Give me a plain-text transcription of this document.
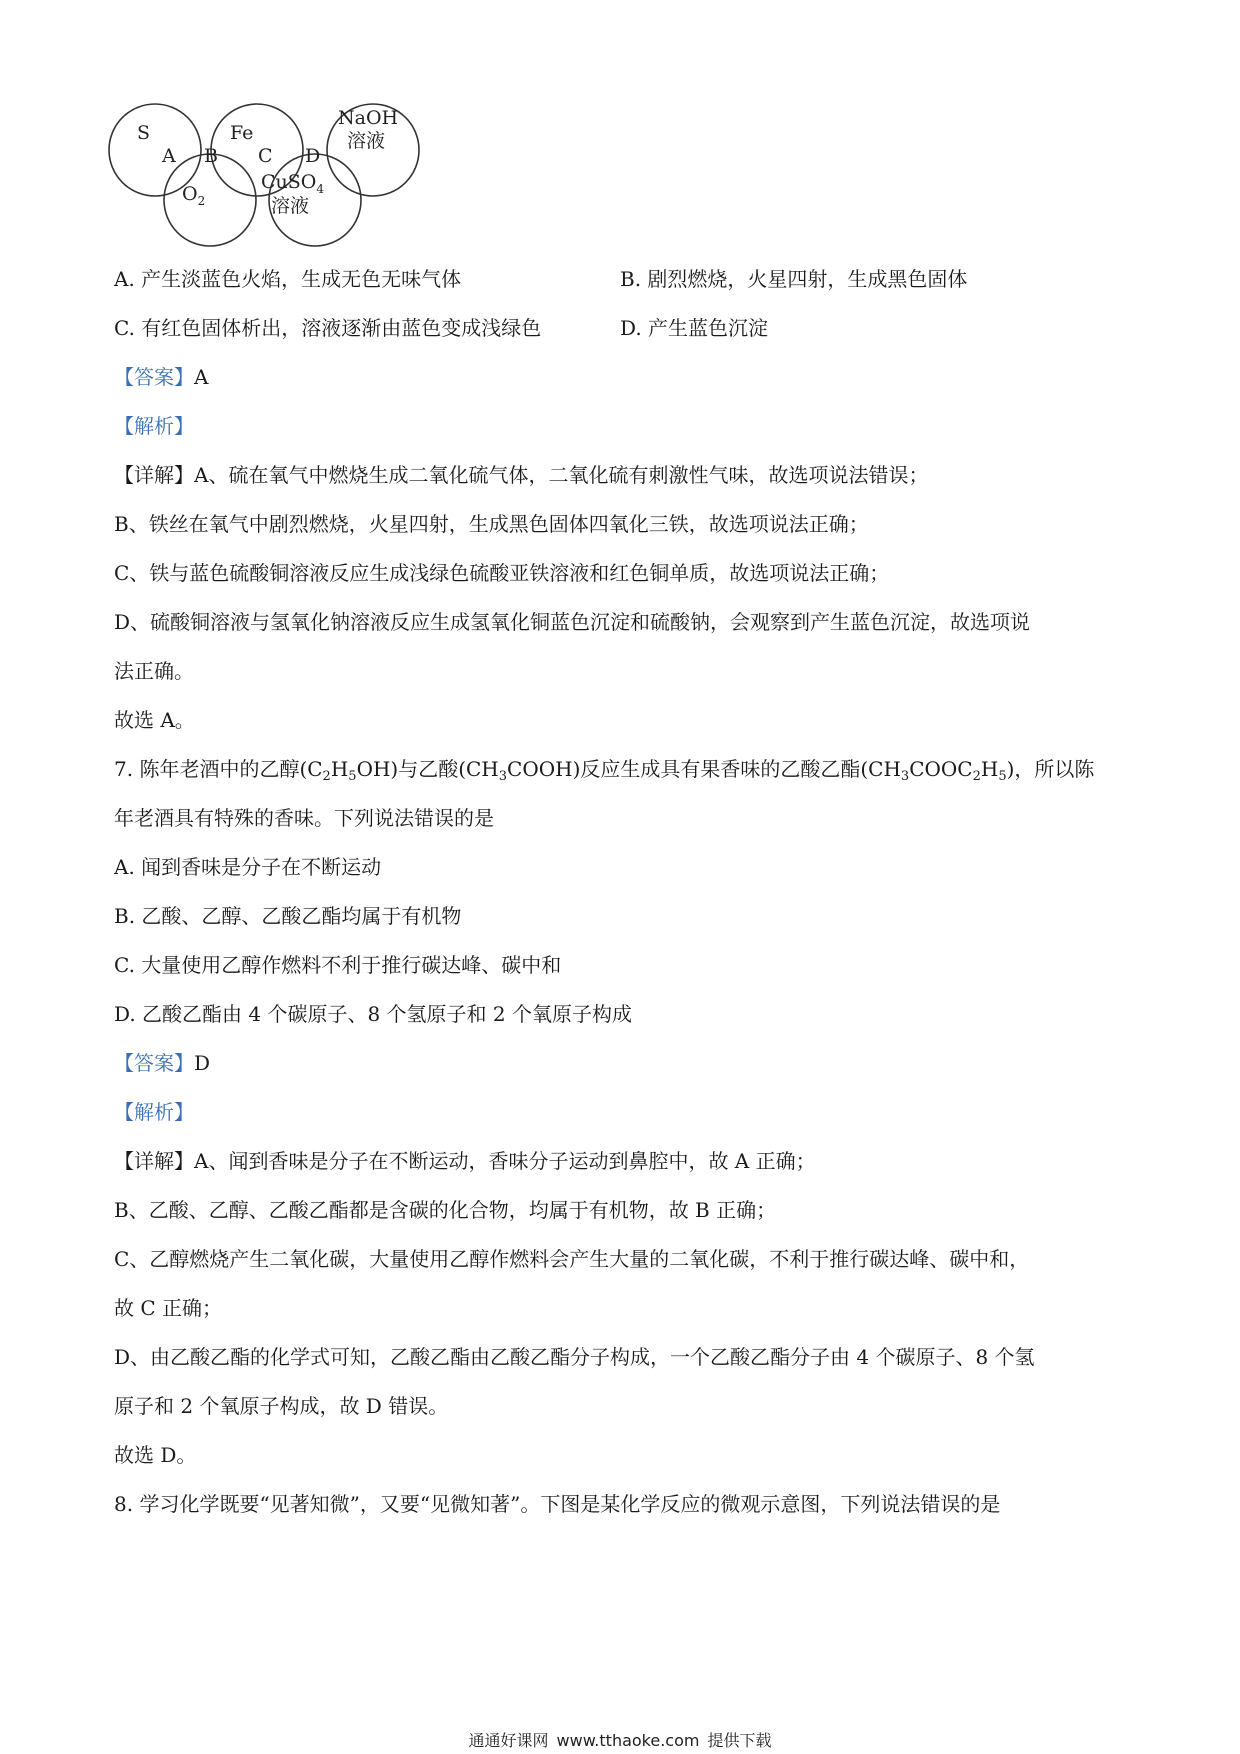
S	Fe
NaOH
溶液
A B C D
$O_2$
CuSO$_4$
溶液
A. 产生淡蓝色火焰，生成无色无味气体	B. 剧烈燃烧，火星四射，生成黑色固体
C. 有红色固体析出，溶液逐渐由蓝色变成浅绿色	D. 产生蓝色沉淀
【答案】A
【解析】
【详解】A、硫在氧气中燃烧生成二氧化硫气体，二氧化硫有刺激性气味，故选项说法错误；
B、铁丝在氧气中剧烈燃烧，火星四射，生成黑色固体四氧化三铁，故选项说法正确；
C、铁与蓝色硫酸铜溶液反应生成浅绿色硫酸亚铁溶液和红色铜单质，故选项说法正确；
D、硫酸铜溶液与氢氧化钠溶液反应生成氢氧化铜蓝色沉淀和硫酸钠，会观察到产生蓝色沉淀，故选项说
法正确。
故选 A。
7. 陈年老酒中的乙醇$(C_2H_5OH)$与乙酸$(CH_3COOH)$反应生成具有果香味的乙酸乙酯$(CH_3COOC_2H_5)$，所以陈
年老酒具有特殊的香味。下列说法错误的是
A. 闻到香味是分子在不断运动
B. 乙酸、乙醇、乙酸乙酯均属于有机物
C. 大量使用乙醇作燃料不利于推行碳达峰、碳中和
D. 乙酸乙酯由 4 个碳原子、8 个氢原子和 2 个氧原子构成
【答案】D
【解析】
【详解】A、闻到香味是分子在不断运动，香味分子运动到鼻腔中，故 A 正确；
B、乙酸、乙醇、乙酸乙酯都是含碳的化合物，均属于有机物，故 B 正确；
C、乙醇燃烧产生二氧化碳，大量使用乙醇作燃料会产生大量的二氧化碳，不利于推行碳达峰、碳中和，
故 C 正确；
D、由乙酸乙酯的化学式可知，乙酸乙酯由乙酸乙酯分子构成，一个乙酸乙酯分子由 4 个碳原子、8 个氢
原子和 2 个氧原子构成，故 D 错误。
故选 D。
8. 学习化学既要“见著知微”，又要“见微知著”。下图是某化学反应的微观示意图，下列说法错误的是
通通好课网 www.tthaoke.com 提供下载
